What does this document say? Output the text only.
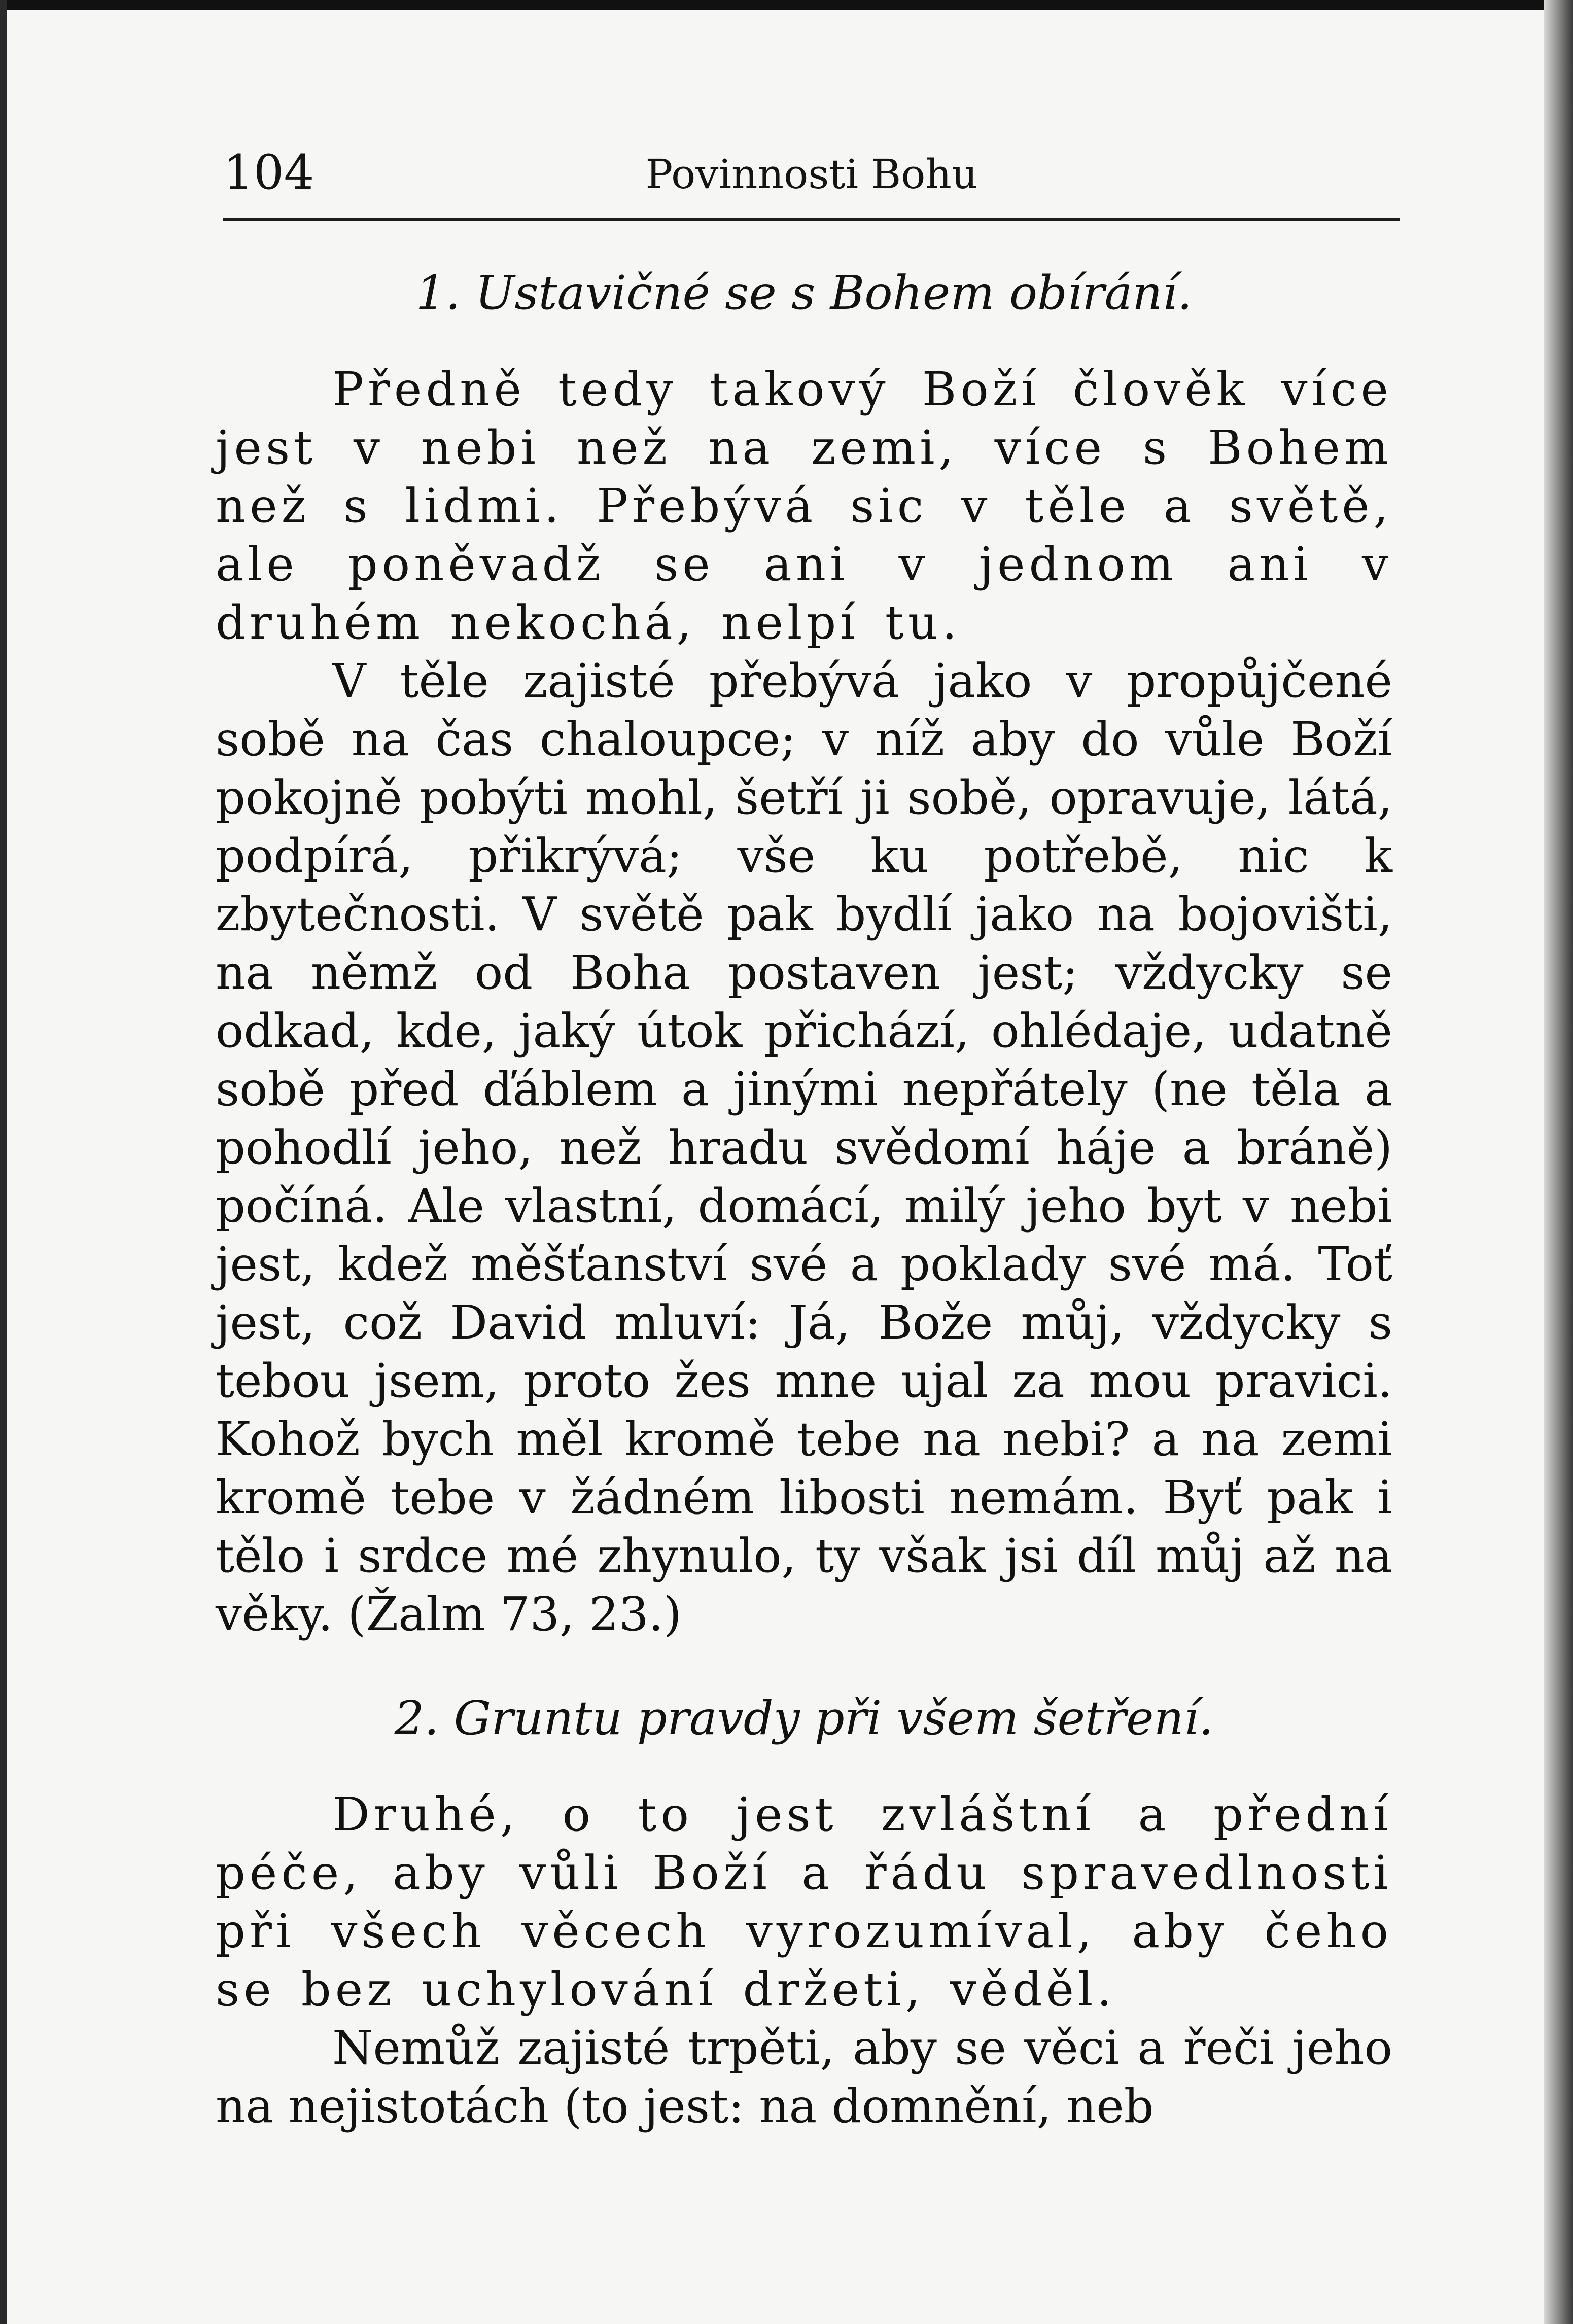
104	Povinnosti Bohu
1. Ustavičné se s Bohem obírání.

Předně tedy takový Boží člověk více jest v nebi než na zemi, více s Bohem než s lidmi. Přebývá sic v těle a světě, ale poněvadž se ani v jednom ani v druhém nekochá, nelpí tu.

V těle zajisté přebývá jako v propůjčené sobě na čas chaloupce; v níž aby do vůle Boží pokojně pobýti mohl, šetří ji sobě, opravuje, látá, podpírá, přikrývá; vše ku potřebě, nic k zbytečnosti. V světě pak bydlí jako na bojovišti, na němž od Boha postaven jest; vždycky se odkad, kde, jaký útok přichází, ohlédaje, udatně sobě před ďáblem a jinými nepřátely (ne těla a pohodlí jeho, než hradu svědomí háje a bráně) počíná. Ale vlastní, domácí, milý jeho byt v nebi jest, kdež měšťanství své a poklady své má. Toť jest, což David mluví: Já, Bože můj, vždycky s tebou jsem, proto žes mne ujal za mou pravici. Kohož bych měl kromě tebe na nebi? a na zemi kromě tebe v žádném libosti nemám. Byť pak i tělo i srdce mé zhynulo, ty však jsi díl můj až na věky. (Žalm 73, 23.)

2. Gruntu pravdy při všem šetření.

Druhé, o to jest zvláštní a přední péče, aby vůli Boží a řádu spravedlnosti při všech věcech vyrozumíval, aby čeho se bez uchylování držeti, věděl.

Nemůž zajisté trpěti, aby se věci a řeči jeho na nejistotách (to jest: na domnění, neb
